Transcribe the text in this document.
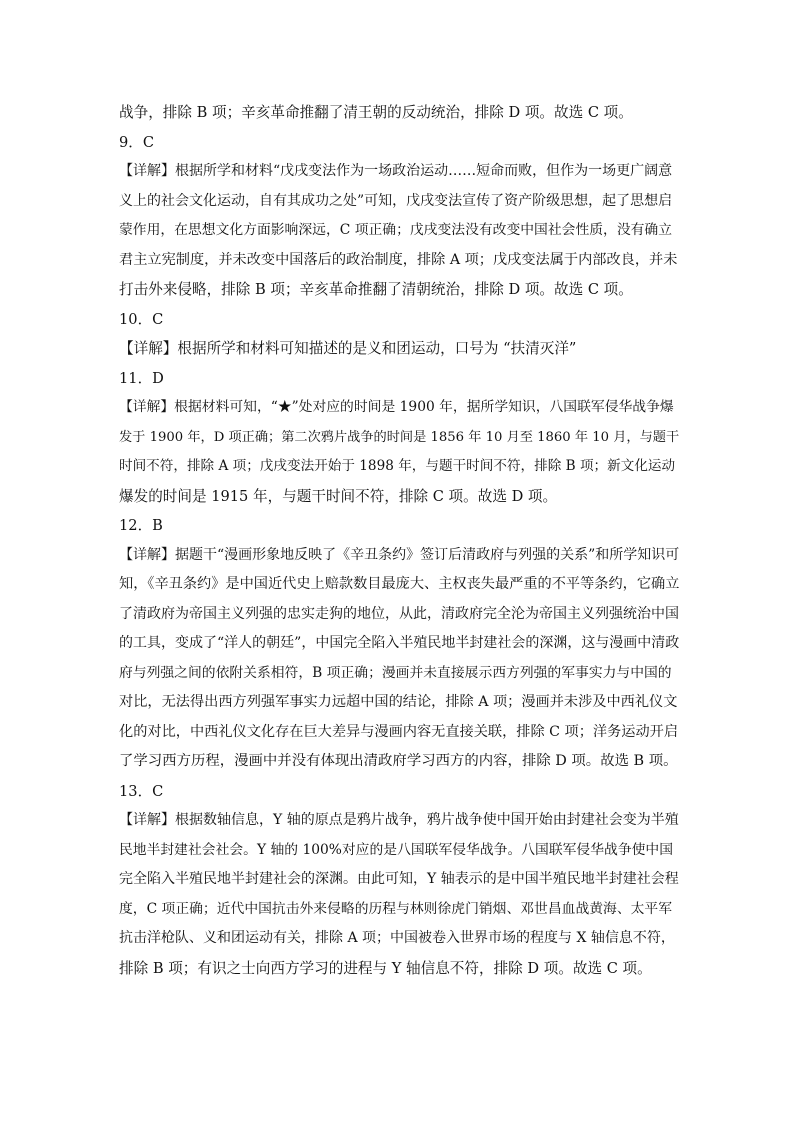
战争，排除 B 项；辛亥革命推翻了清王朝的反动统治，排除 D 项。故选 C 项。
9．C
【详解】根据所学和材料“戊戌变法作为一场政治运动……短命而败，但作为一场更广阔意
义上的社会文化运动，自有其成功之处”可知，戊戌变法宣传了资产阶级思想，起了思想启
蒙作用，在思想文化方面影响深远，C 项正确；戊戌变法没有改变中国社会性质，没有确立
君主立宪制度，并未改变中国落后的政治制度，排除 A 项；戊戌变法属于内部改良，并未
打击外来侵略，排除 B 项；辛亥革命推翻了清朝统治，排除 D 项。故选 C 项。
10．C
【详解】根据所学和材料可知描述的是义和团运动，口号为 “扶清灭洋”
11．D
【详解】根据材料可知，“★”处对应的时间是 1900 年，据所学知识，八国联军侵华战争爆
发于 1900 年，D 项正确；第二次鸦片战争的时间是 1856 年 10 月至 1860 年 10 月，与题干
时间不符，排除 A 项；戊戌变法开始于 1898 年，与题干时间不符，排除 B 项；新文化运动
爆发的时间是 1915 年，与题干时间不符，排除 C 项。故选 D 项。
12．B
【详解】据题干“漫画形象地反映了《辛丑条约》签订后清政府与列强的关系”和所学知识可
知，《辛丑条约》是中国近代史上赔款数目最庞大、主权丧失最严重的不平等条约，它确立
了清政府为帝国主义列强的忠实走狗的地位，从此，清政府完全沦为帝国主义列强统治中国
的工具，变成了“洋人的朝廷”，中国完全陷入半殖民地半封建社会的深渊，这与漫画中清政
府与列强之间的依附关系相符，B 项正确；漫画并未直接展示西方列强的军事实力与中国的
对比，无法得出西方列强军事实力远超中国的结论，排除 A 项；漫画并未涉及中西礼仪文
化的对比，中西礼仪文化存在巨大差异与漫画内容无直接关联，排除 C 项；洋务运动开启
了学习西方历程，漫画中并没有体现出清政府学习西方的内容，排除 D 项。故选 B 项。
13．C
【详解】根据数轴信息，Y 轴的原点是鸦片战争，鸦片战争使中国开始由封建社会变为半殖
民地半封建社会社会。Y 轴的 100%对应的是八国联军侵华战争。八国联军侵华战争使中国
完全陷入半殖民地半封建社会的深渊。由此可知，Y 轴表示的是中国半殖民地半封建社会程
度，C 项正确；近代中国抗击外来侵略的历程与林则徐虎门销烟、邓世昌血战黄海、太平军
抗击洋枪队、义和团运动有关，排除 A 项；中国被卷入世界市场的程度与 X 轴信息不符，
排除 B 项；有识之士向西方学习的进程与 Y 轴信息不符，排除 D 项。故选 C 项。
